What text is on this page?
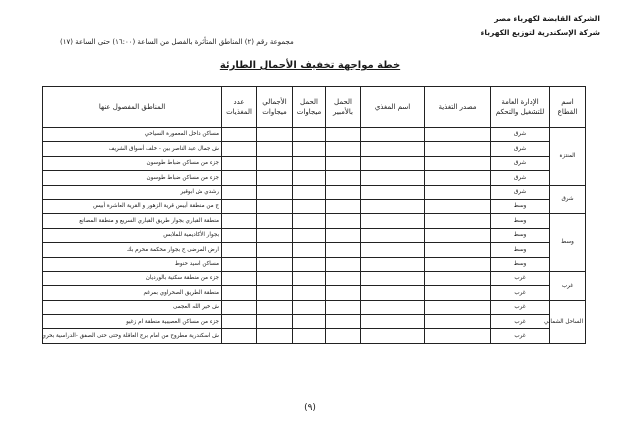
الشركة القابضة لكهرباء مصر
شركة الإسكندرية لتوزيع الكهرباء
مجموعة رقم (٢) المناطق المتأثرة بالفصل من الساعة (١٦:٠٠) حتى الساعة (١٧)
خطة مواجهة تخفيف الأحمال الطارئة
اسم القطاع	الإدارة العامة للتشغيل والتحكم	مصدر التغذية	اسم المغذي	الحمل بالأمبير	الحمل ميجاوات	الأجمالي ميجاوات	عدد المغذيات	المناطق المفصول عنها
المنتزة	شرق							مساكن داخل المعمورة السياحي
	شرق							ش جمال عبد الناصر بين - خلف أسواق الشريف
	شرق							جزء من مساكن ضباط طوسون
	شرق							جزء من مساكن ضباط طوسون
شرق	شرق							رشدي ش ابوقير
	وسط							ج من منطقة أبيس قرية الزهور و القرية العاشرة أبيس
وسط	وسط							منطقة القباري بجوار طريق القباري السريع و منطقة المصانع
	وسط							بجوار الأكاديمية للملابس
	وسط							ارض المرضى ج بجوار محكمة محرم بك
	وسط							مساكن اسيد حنوط
غرب	غرب							جزء من منطقة سكنية بالورديان
	غرب							منطقة الطريق الصحراوي بمرغم
الساحل الشمالي	غرب							ش خير الله العجمى
	غرب							جزء من مساكن العصيبية منطقة ام زغيو
	غرب							ش اسكندرية مطروح من امام برج العاقلة وحتى حتى الصفق -الدراسية بحري
(٩)
